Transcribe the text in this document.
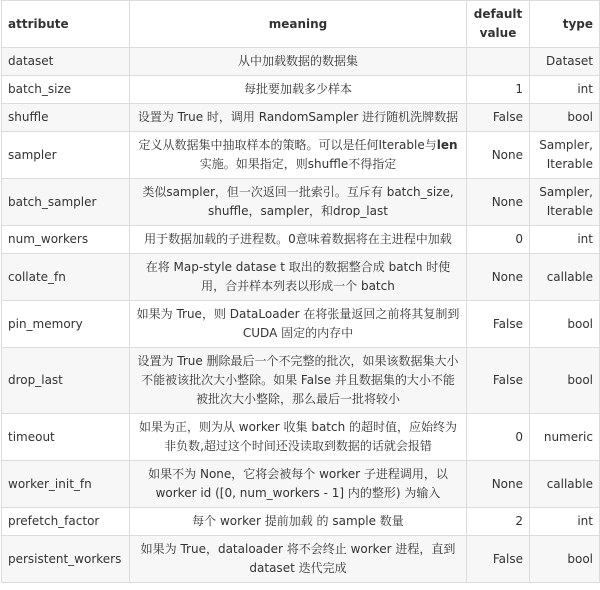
attribute	meaning	default value	type
dataset	从中加载数据的数据集		Dataset
batch_size	每批要加载多少样本	1	int
shuffle	设置为 True 时，调用 RandomSampler 进行随机洗牌数据	False	bool
sampler	定义从数据集中抽取样本的策略。可以是任何Iterable与len实施。如果指定，则shuffle不得指定	None	Sampler, Iterable
batch_sampler	类似sampler，但一次返回一批索引。互斥有 batch_size, shuffle，sampler，和drop_last	None	Sampler, Iterable
num_workers	用于数据加载的子进程数。0意味着数据将在主进程中加载	0	int
collate_fn	在将 Map-style datase t 取出的数据整合成 batch 时使用，合并样本列表以形成一个 batch	None	callable
pin_memory	如果为 True，则 DataLoader 在将张量返回之前将其复制到 CUDA 固定的内存中	False	bool
drop_last	设置为 True 删除最后一个不完整的批次，如果该数据集大小不能被该批次大小整除。如果 False 并且数据集的大小不能被批次大小整除，那么最后一批将较小	False	bool
timeout	如果为正，则为从 worker 收集 batch 的超时值，应始终为非负数,超过这个时间还没读取到数据的话就会报错	0	numeric
worker_init_fn	如果不为 None，它将会被每个 worker 子进程调用，以 worker id ([0, num_workers - 1] 内的整形) 为输入	None	callable
prefetch_factor	每个 worker 提前加载 的 sample 数量	2	int
persistent_workers	如果为 True，dataloader 将不会终止 worker 进程，直到 dataset 迭代完成	False	bool
